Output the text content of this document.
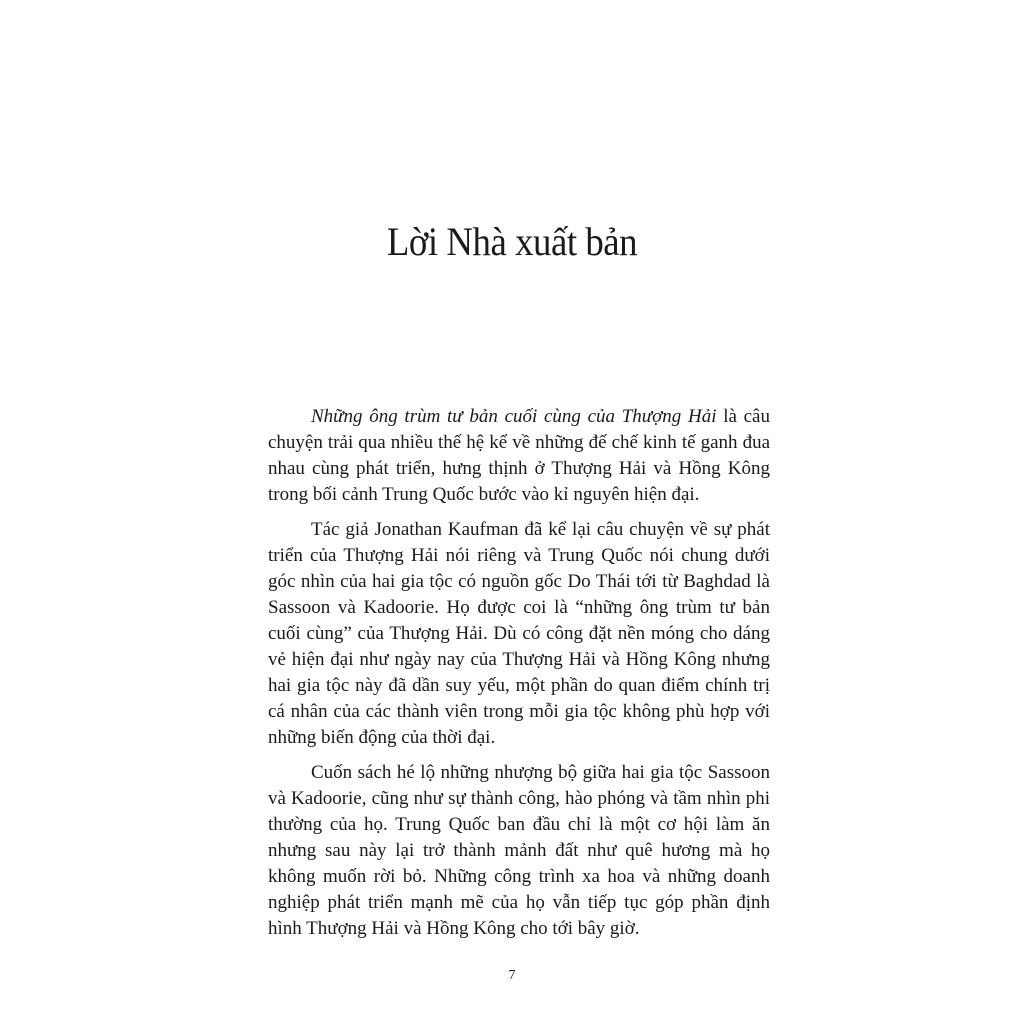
Lời Nhà xuất bản

Những ông trùm tư bản cuối cùng của Thượng Hải là câu chuyện trải qua nhiều thế hệ kể về những đế chế kinh tế ganh đua nhau cùng phát triển, hưng thịnh ở Thượng Hải và Hồng Kông trong bối cảnh Trung Quốc bước vào kỉ nguyên hiện đại.

Tác giả Jonathan Kaufman đã kể lại câu chuyện về sự phát triển của Thượng Hải nói riêng và Trung Quốc nói chung dưới góc nhìn của hai gia tộc có nguồn gốc Do Thái tới từ Baghdad là Sassoon và Kadoorie. Họ được coi là “những ông trùm tư bản cuối cùng” của Thượng Hải. Dù có công đặt nền móng cho dáng vẻ hiện đại như ngày nay của Thượng Hải và Hồng Kông nhưng hai gia tộc này đã dần suy yếu, một phần do quan điểm chính trị cá nhân của các thành viên trong mỗi gia tộc không phù hợp với những biến động của thời đại.

Cuốn sách hé lộ những nhượng bộ giữa hai gia tộc Sassoon và Kadoorie, cũng như sự thành công, hào phóng và tầm nhìn phi thường của họ. Trung Quốc ban đầu chỉ là một cơ hội làm ăn nhưng sau này lại trở thành mảnh đất như quê hương mà họ không muốn rời bỏ. Những công trình xa hoa và những doanh nghiệp phát triển mạnh mẽ của họ vẫn tiếp tục góp phần định hình Thượng Hải và Hồng Kông cho tới bây giờ.

7
